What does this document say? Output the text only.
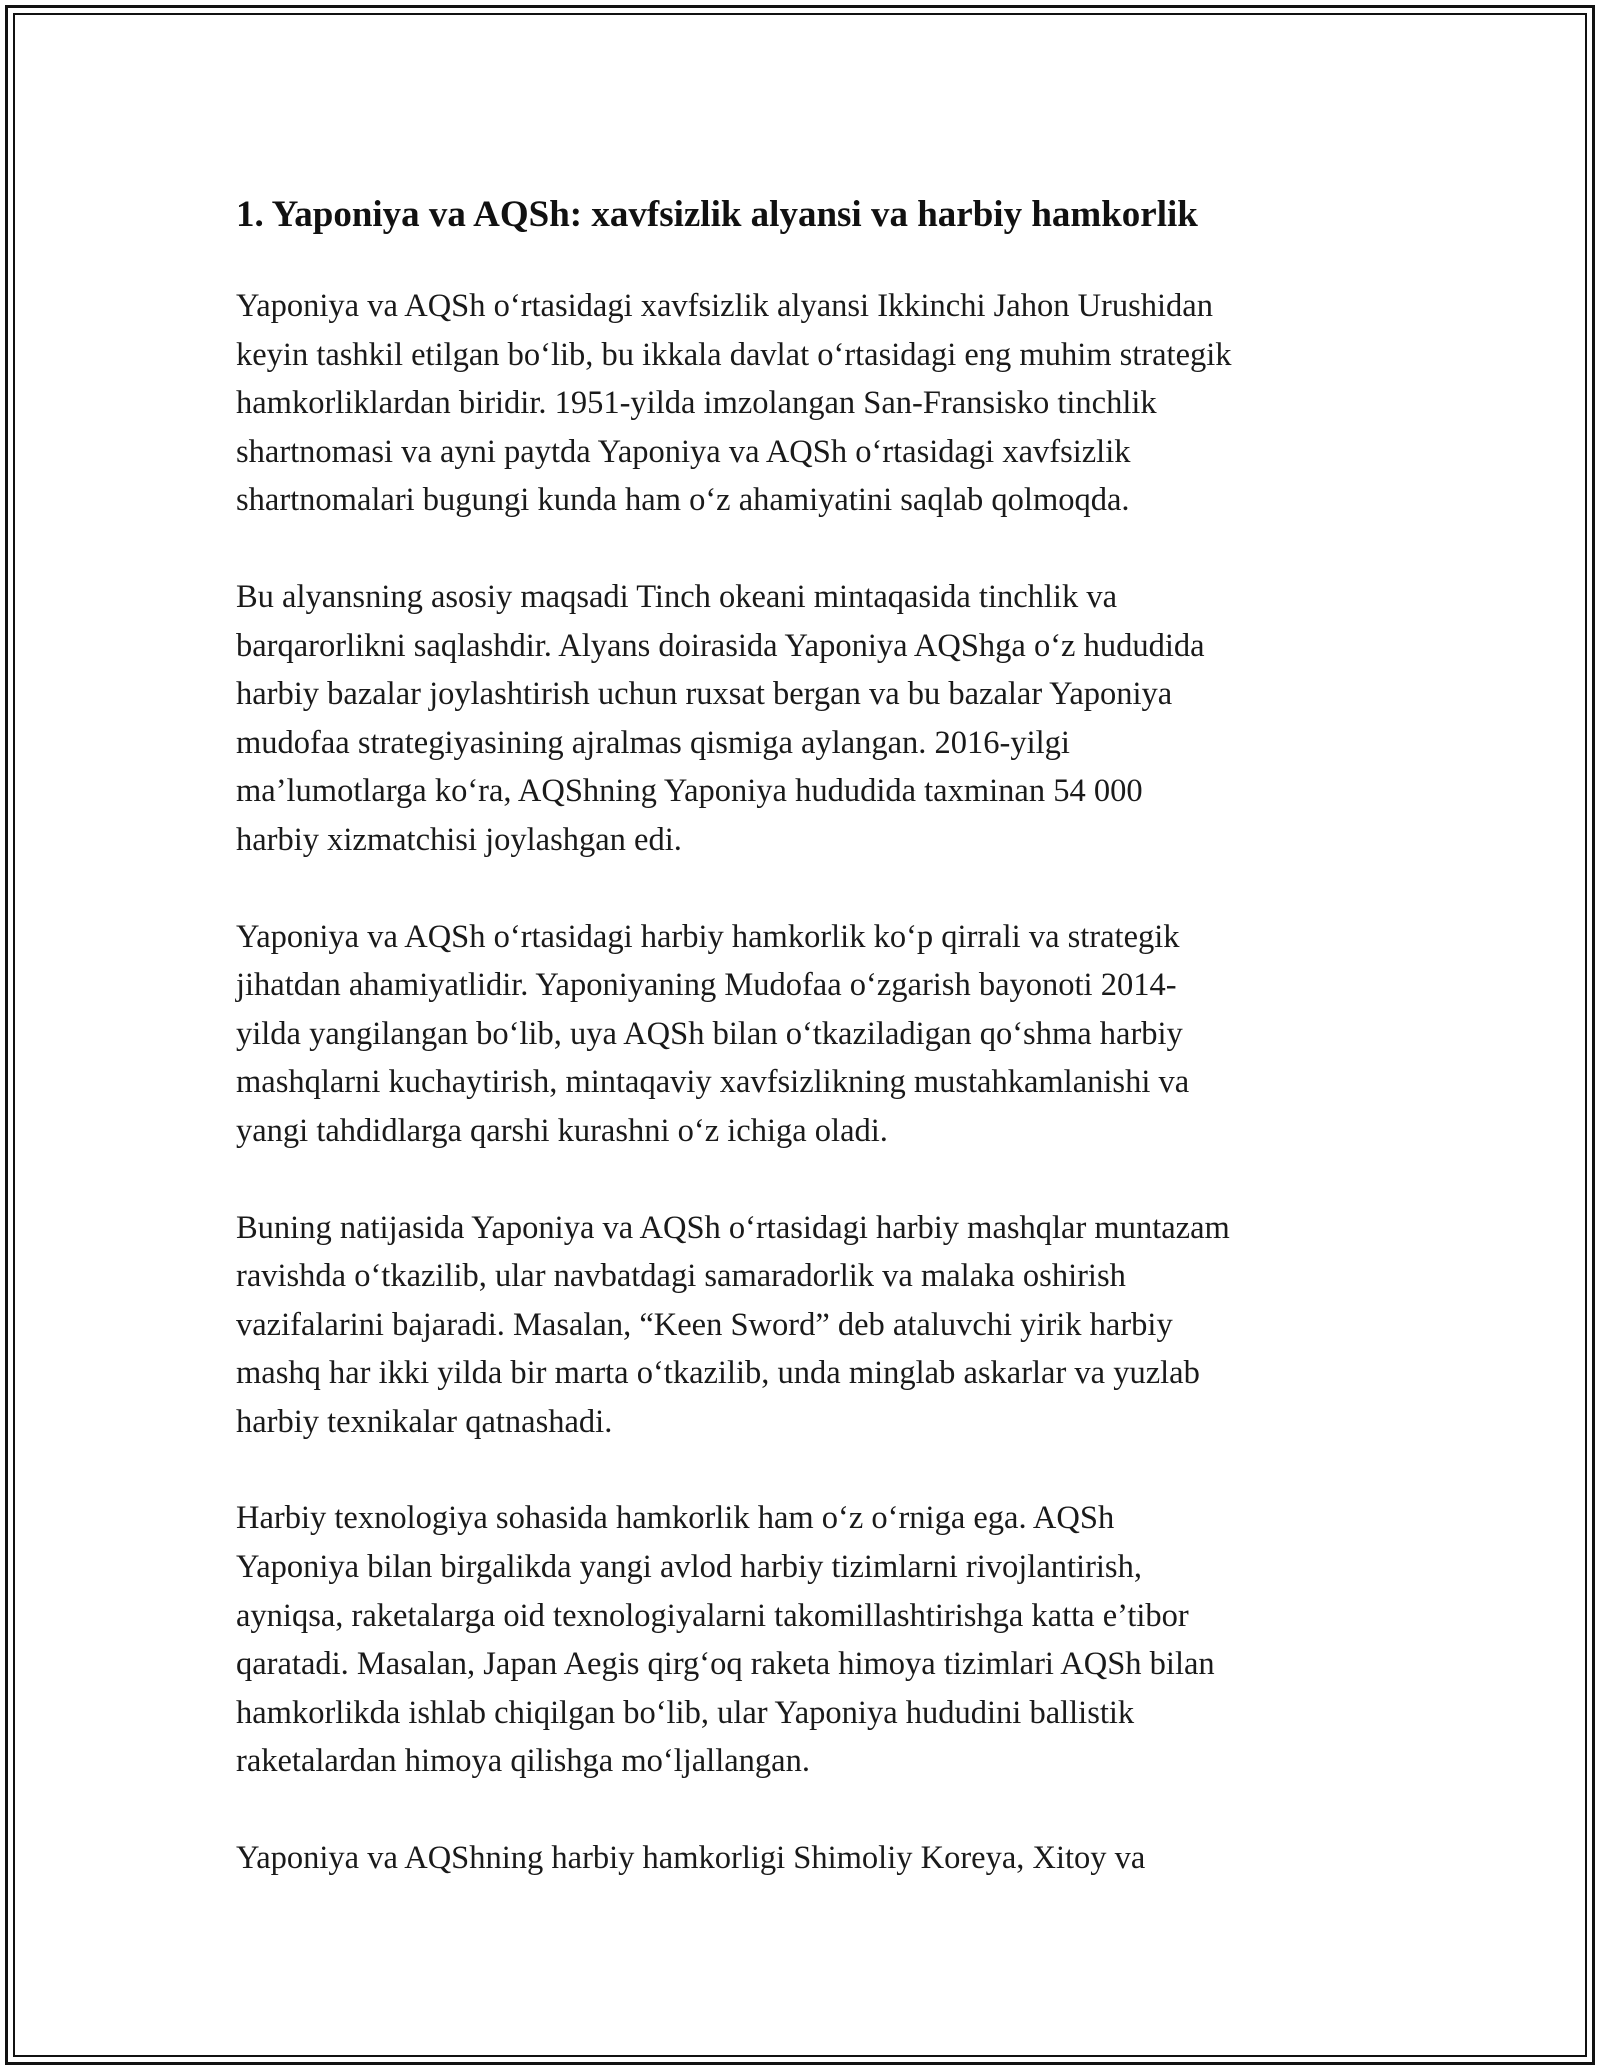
1. Yaponiya va AQSh: xavfsizlik alyansi va harbiy hamkorlik

Yaponiya va AQSh o‘rtasidagi xavfsizlik alyansi Ikkinchi Jahon Urushidan
keyin tashkil etilgan bo‘lib, bu ikkala davlat o‘rtasidagi eng muhim strategik
hamkorliklardan biridir. 1951-yilda imzolangan San-Fransisko tinchlik
shartnomasi va ayni paytda Yaponiya va AQSh o‘rtasidagi xavfsizlik
shartnomalari bugungi kunda ham o‘z ahamiyatini saqlab qolmoqda.

Bu alyansning asosiy maqsadi Tinch okeani mintaqasida tinchlik va
barqarorlikni saqlashdir. Alyans doirasida Yaponiya AQShga o‘z hududida
harbiy bazalar joylashtirish uchun ruxsat bergan va bu bazalar Yaponiya
mudofaa strategiyasining ajralmas qismiga aylangan. 2016-yilgi
ma’lumotlarga ko‘ra, AQShning Yaponiya hududida taxminan 54 000
harbiy xizmatchisi joylashgan edi.

Yaponiya va AQSh o‘rtasidagi harbiy hamkorlik ko‘p qirrali va strategik
jihatdan ahamiyatlidir. Yaponiyaning Mudofaa o‘zgarish bayonoti 2014-
yilda yangilangan bo‘lib, uya AQSh bilan o‘tkaziladigan qo‘shma harbiy
mashqlarni kuchaytirish, mintaqaviy xavfsizlikning mustahkamlanishi va
yangi tahdidlarga qarshi kurashni o‘z ichiga oladi.

Buning natijasida Yaponiya va AQSh o‘rtasidagi harbiy mashqlar muntazam
ravishda o‘tkazilib, ular navbatdagi samaradorlik va malaka oshirish
vazifalarini bajaradi. Masalan, “Keen Sword” deb ataluvchi yirik harbiy
mashq har ikki yilda bir marta o‘tkazilib, unda minglab askarlar va yuzlab
harbiy texnikalar qatnashadi.

Harbiy texnologiya sohasida hamkorlik ham o‘z o‘rniga ega. AQSh
Yaponiya bilan birgalikda yangi avlod harbiy tizimlarni rivojlantirish,
ayniqsa, raketalarga oid texnologiyalarni takomillashtirishga katta e’tibor
qaratadi. Masalan, Japan Aegis qirg‘oq raketa himoya tizimlari AQSh bilan
hamkorlikda ishlab chiqilgan bo‘lib, ular Yaponiya hududini ballistik
raketalardan himoya qilishga mo‘ljallangan.

Yaponiya va AQShning harbiy hamkorligi Shimoliy Koreya, Xitoy va
